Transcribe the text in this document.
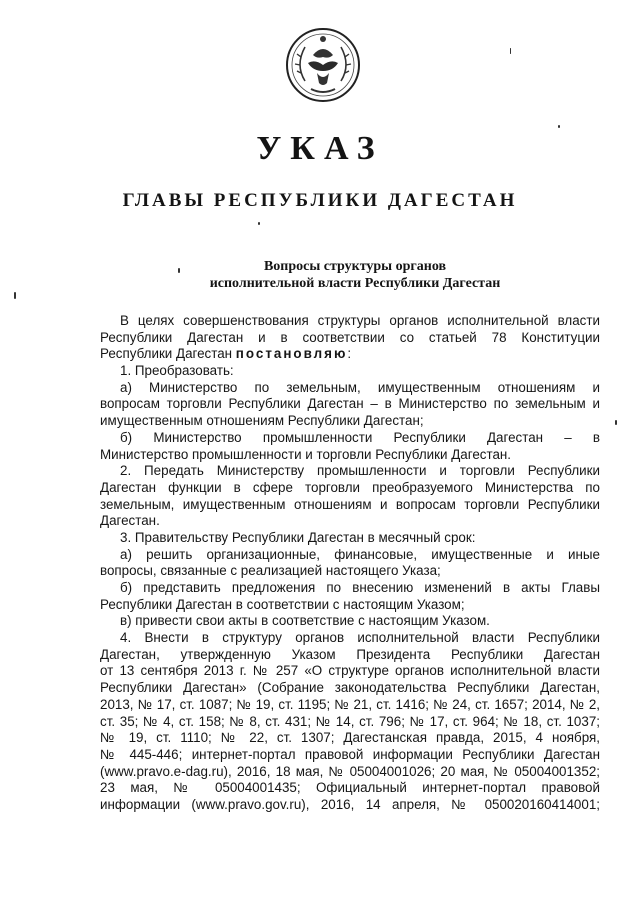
УКАЗ
ГЛАВЫ РЕСПУБЛИКИ ДАГЕСТАН
Вопросы структуры органов
исполнительной власти Республики Дагестан
В целях совершенствования структуры органов исполнительной власти
Республики Дагестан и в соответствии со статьей 78 Конституции
Республики Дагестан постановляю:
1. Преобразовать:
а) Министерство по земельным, имущественным отношениям и
вопросам торговли Республики Дагестан – в Министерство по земельным и
имущественным отношениям Республики Дагестан;
б) Министерство промышленности Республики Дагестан – в
Министерство промышленности и торговли Республики Дагестан.
2. Передать Министерству промышленности и торговли Республики
Дагестан функции в сфере торговли преобразуемого Министерства по
земельным, имущественным отношениям и вопросам торговли Республики
Дагестан.
3. Правительству Республики Дагестан в месячный срок:
а) решить организационные, финансовые, имущественные и иные
вопросы, связанные с реализацией настоящего Указа;
б) представить предложения по внесению изменений в акты Главы
Республики Дагестан в соответствии с настоящим Указом;
в) привести свои акты в соответствие с настоящим Указом.
4. Внести в структуру органов исполнительной власти Республики
Дагестан, утвержденную Указом Президента Республики Дагестан
от 13 сентября 2013 г. № 257 «О структуре органов исполнительной власти
Республики Дагестан» (Собрание законодательства Республики Дагестан,
2013, № 17, ст. 1087; № 19, ст. 1195; № 21, ст. 1416; № 24, ст. 1657; 2014, № 2,
ст. 35; № 4, ст. 158; № 8, ст. 431; № 14, ст. 796; № 17, ст. 964; № 18, ст. 1037;
№ 19, ст. 1110; № 22, ст. 1307; Дагестанская правда, 2015, 4 ноября,
№ 445-446; интернет-портал правовой информации Республики Дагестан
(www.pravo.e-dag.ru), 2016, 18 мая, № 05004001026; 20 мая, № 05004001352;
23 мая, № 05004001435; Официальный интернет-портал правовой
информации (www.pravo.gov.ru), 2016, 14 апреля, № 050020160414001;
